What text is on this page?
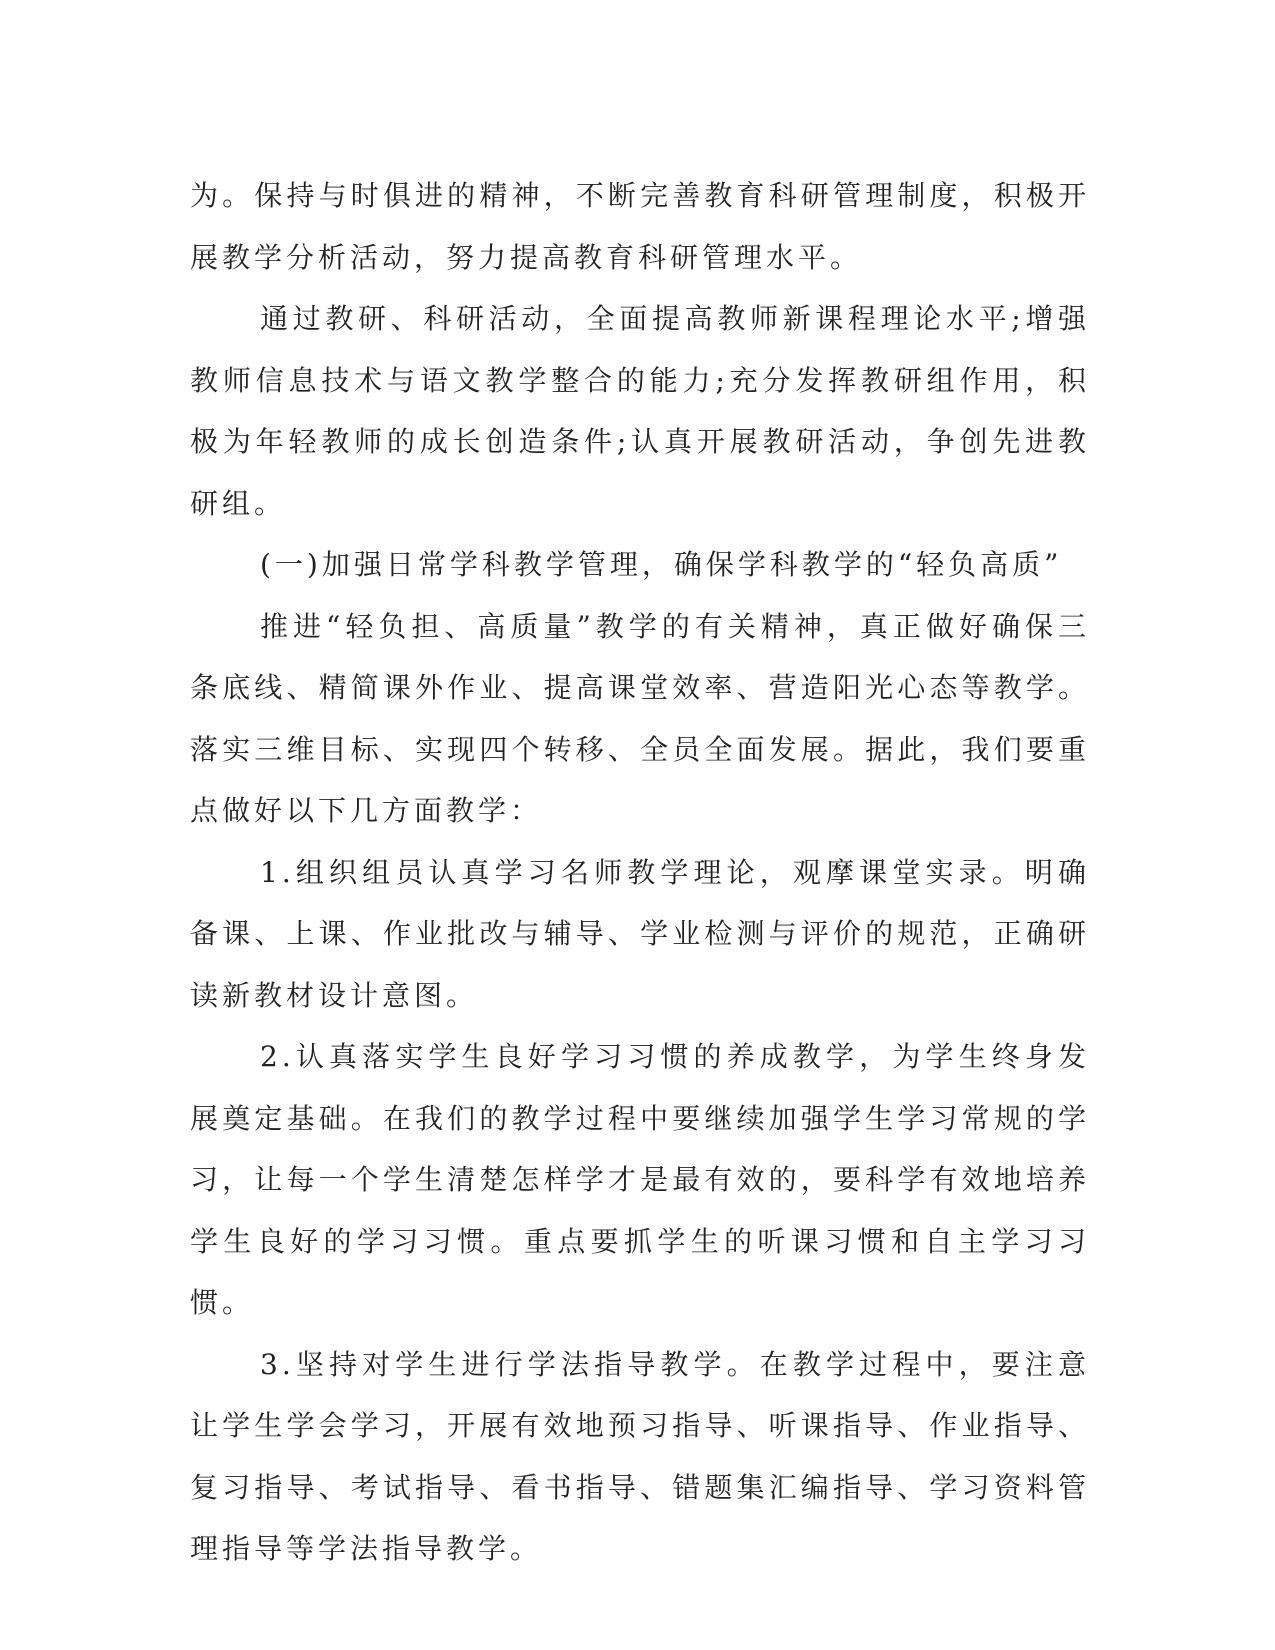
为。保持与时俱进的精神，不断完善教育科研管理制度，积极开展教学分析活动，努力提高教育科研管理水平。

通过教研、科研活动，全面提高教师新课程理论水平;增强教师信息技术与语文教学整合的能力;充分发挥教研组作用，积极为年轻教师的成长创造条件;认真开展教研活动，争创先进教研组。

(一)加强日常学科教学管理，确保学科教学的“轻负高质”

推进“轻负担、高质量”教学的有关精神，真正做好确保三条底线、精简课外作业、提高课堂效率、营造阳光心态等教学。落实三维目标、实现四个转移、全员全面发展。据此，我们要重点做好以下几方面教学：

1.组织组员认真学习名师教学理论，观摩课堂实录。明确备课、上课、作业批改与辅导、学业检测与评价的规范，正确研读新教材设计意图。

2.认真落实学生良好学习习惯的养成教学，为学生终身发展奠定基础。在我们的教学过程中要继续加强学生学习常规的学习，让每一个学生清楚怎样学才是最有效的，要科学有效地培养学生良好的学习习惯。重点要抓学生的听课习惯和自主学习习惯。

3.坚持对学生进行学法指导教学。在教学过程中，要注意让学生学会学习，开展有效地预习指导、听课指导、作业指导、复习指导、考试指导、看书指导、错题集汇编指导、学习资料管理指导等学法指导教学。
